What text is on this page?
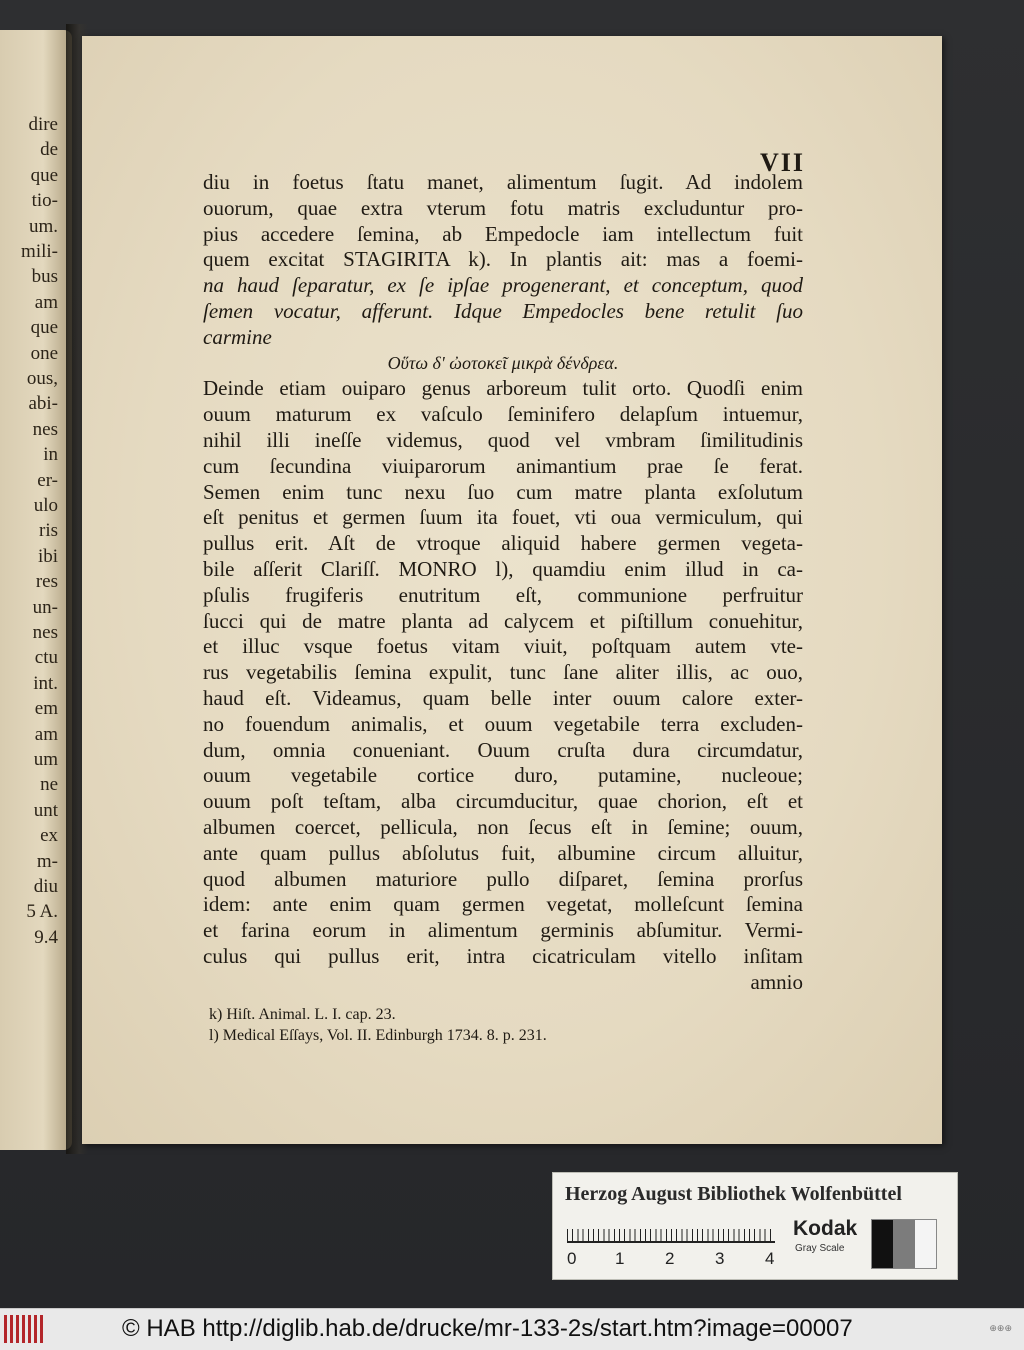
dire
de
que
tio-
um.
mili-
bus
am
que
one
ous,
abi-
nes
in
er-
ulo
ris
ibi
res
un-
nes
ctu
int.
em
am
um
ne
unt
ex
m-
diu
5 A.
9.4
VII
diu in foetus ſtatu manet, alimentum ſugit. Ad indolem
ouorum, quae extra vterum fotu matris excluduntur pro-
pius accedere ſemina, ab Empedocle iam intellectum fuit
quem excitat STAGIRITA k). In plantis ait: mas a foemi-
na haud ſeparatur, ex ſe ipſae progenerant, et conceptum, quod
ſemen vocatur, afferunt. Idque Empedocles bene retulit ſuo
carmine
Οὕτω δ' ὠοτοκεῖ μικρὰ δένδρεα.
Deinde etiam ouiparo genus arboreum tulit orto. Quodſi enim
ouum maturum ex vaſculo ſeminifero delapſum intuemur,
nihil illi ineſſe videmus, quod vel vmbram ſimilitudinis
cum ſecundina viuiparorum animantium prae ſe ferat.
Semen enim tunc nexu ſuo cum matre planta exſolutum
eſt penitus et germen ſuum ita fouet, vti oua vermiculum, qui
pullus erit. Aſt de vtroque aliquid habere germen vegeta-
bile aſſerit Clariſſ. MONRO l), quamdiu enim illud in ca-
pſulis frugiferis enutritum eſt, communione perfruitur
ſucci qui de matre planta ad calycem et piſtillum conuehitur,
et illuc vsque foetus vitam viuit, poſtquam autem vte-
rus vegetabilis ſemina expulit, tunc ſane aliter illis, ac ouo,
haud eſt. Videamus, quam belle inter ouum calore exter-
no fouendum animalis, et ouum vegetabile terra excluden-
dum, omnia conueniant. Ouum cruſta dura circumdatur,
ouum vegetabile cortice duro, putamine, nucleoue;
ouum poſt teſtam, alba circumducitur, quae chorion, eſt et
albumen coercet, pellicula, non ſecus eſt in ſemine; ouum,
ante quam pullus abſolutus fuit, albumine circum alluitur,
quod albumen maturiore pullo diſparet, ſemina prorſus
idem: ante enim quam germen vegetat, molleſcunt ſemina
et farina eorum in alimentum germinis abſumitur. Vermi-
culus qui pullus erit, intra cicatriculam vitello inſitam
amnio
k) Hiſt. Animal. L. I. cap. 23.
l) Medical Eſſays, Vol. II. Edinburgh 1734. 8. p. 231.
Herzog August Bibliothek Wolfenbüttel
0 1 2 3 4
Kodak
Gray Scale
© HAB http://diglib.hab.de/drucke/mr-133-2s/start.htm?image=00007	⊕⊕⊕
